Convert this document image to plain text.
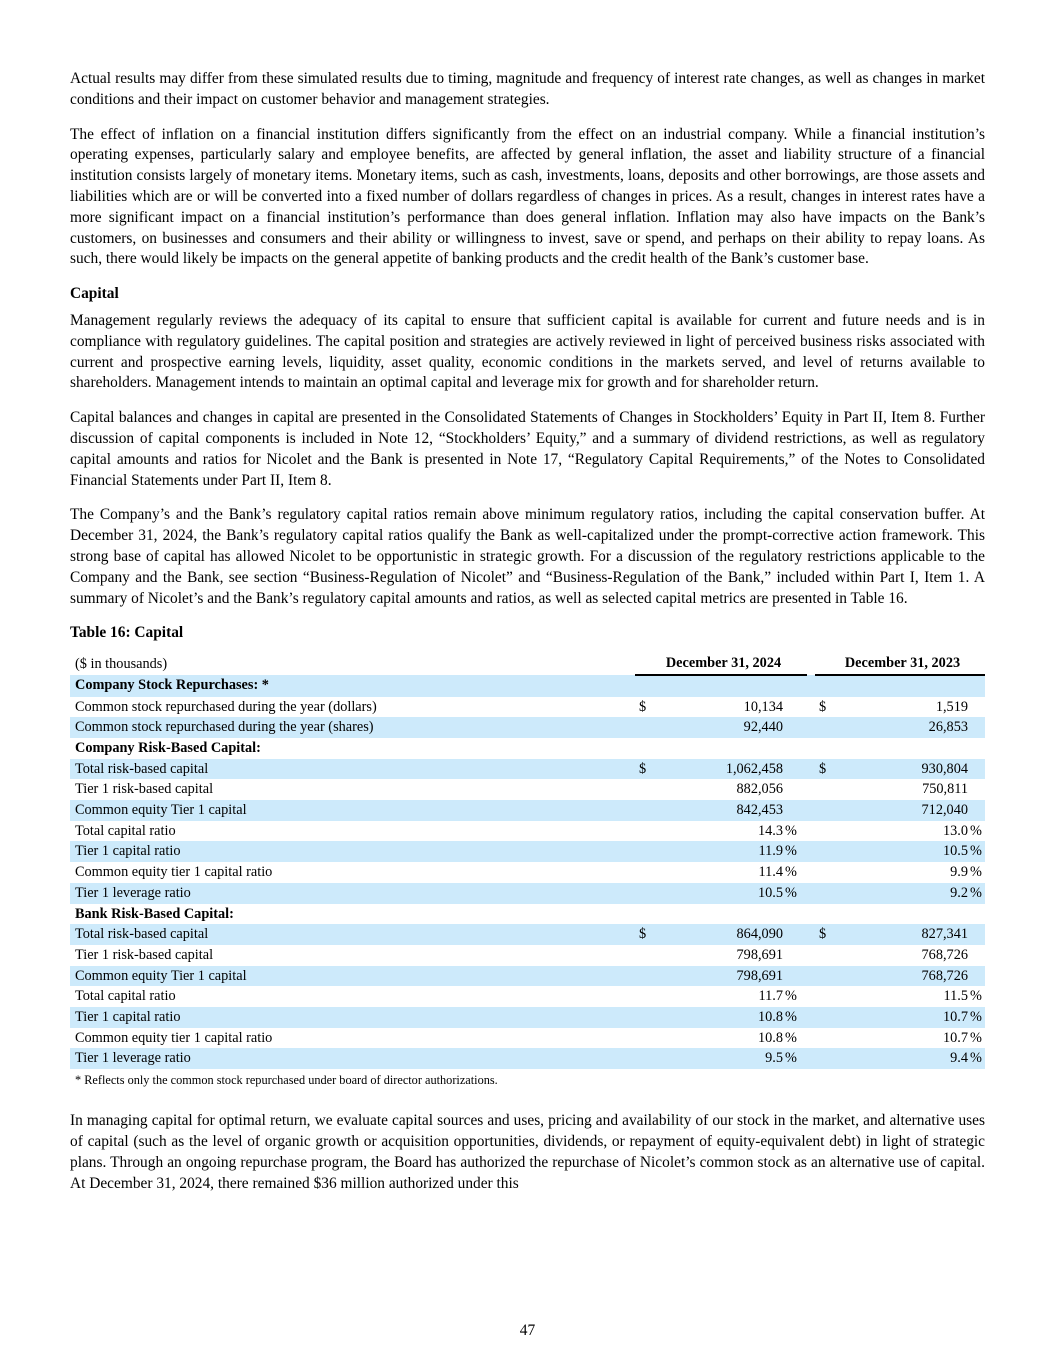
Actual results may differ from these simulated results due to timing, magnitude and frequency of interest rate changes, as well as changes in market conditions and their impact on customer behavior and management strategies.

The effect of inflation on a financial institution differs significantly from the effect on an industrial company. While a financial institution’s operating expenses, particularly salary and employee benefits, are affected by general inflation, the asset and liability structure of a financial institution consists largely of monetary items. Monetary items, such as cash, investments, loans, deposits and other borrowings, are those assets and liabilities which are or will be converted into a fixed number of dollars regardless of changes in prices. As a result, changes in interest rates have a more significant impact on a financial institution’s performance than does general inflation. Inflation may also have impacts on the Bank’s customers, on businesses and consumers and their ability or willingness to invest, save or spend, and perhaps on their ability to repay loans. As such, there would likely be impacts on the general appetite of banking products and the credit health of the Bank’s customer base.

Capital

Management regularly reviews the adequacy of its capital to ensure that sufficient capital is available for current and future needs and is in compliance with regulatory guidelines. The capital position and strategies are actively reviewed in light of perceived business risks associated with current and prospective earning levels, liquidity, asset quality, economic conditions in the markets served, and level of returns available to shareholders. Management intends to maintain an optimal capital and leverage mix for growth and for shareholder return.

Capital balances and changes in capital are presented in the Consolidated Statements of Changes in Stockholders’ Equity in Part II, Item 8. Further discussion of capital components is included in Note 12, “Stockholders’ Equity,” and a summary of dividend restrictions, as well as regulatory capital amounts and ratios for Nicolet and the Bank is presented in Note 17, “Regulatory Capital Requirements,” of the Notes to Consolidated Financial Statements under Part II, Item 8.

The Company’s and the Bank’s regulatory capital ratios remain above minimum regulatory ratios, including the capital conservation buffer. At December 31, 2024, the Bank’s regulatory capital ratios qualify the Bank as well-capitalized under the prompt-corrective action framework. This strong base of capital has allowed Nicolet to be opportunistic in strategic growth. For a discussion of the regulatory restrictions applicable to the Company and the Bank, see section “Business-Regulation of Nicolet” and “Business-Regulation of the Bank,” included within Part I, Item 1. A summary of Nicolet’s and the Bank’s regulatory capital amounts and ratios, as well as selected capital metrics are presented in Table 16.

Table 16: Capital

($ in thousands)	December 31, 2024				December 31, 2023		
Company Stock Repurchases: *							
Common stock repurchased during the year (dollars)	$	10,134			$	1,519	
Common stock repurchased during the year (shares)		92,440				26,853	
Company Risk-Based Capital:							
Total risk-based capital	$	1,062,458			$	930,804	
Tier 1 risk-based capital		882,056				750,811	
Common equity Tier 1 capital		842,453				712,040	
Total capital ratio		14.3	%			13.0	%
Tier 1 capital ratio		11.9	%			10.5	%
Common equity tier 1 capital ratio		11.4	%			9.9	%
Tier 1 leverage ratio		10.5	%			9.2	%
Bank Risk-Based Capital:							
Total risk-based capital	$	864,090			$	827,341	
Tier 1 risk-based capital		798,691				768,726	
Common equity Tier 1 capital		798,691				768,726	
Total capital ratio		11.7	%			11.5	%
Tier 1 capital ratio		10.8	%			10.7	%
Common equity tier 1 capital ratio		10.8	%			10.7	%
Tier 1 leverage ratio		9.5	%			9.4	%
* Reflects only the common stock repurchased under board of director authorizations.

In managing capital for optimal return, we evaluate capital sources and uses, pricing and availability of our stock in the market, and alternative uses of capital (such as the level of organic growth or acquisition opportunities, dividends, or repayment of equity-equivalent debt) in light of strategic plans. Through an ongoing repurchase program, the Board has authorized the repurchase of Nicolet’s common stock as an alternative use of capital. At December 31, 2024, there remained $36 million authorized under this

47
